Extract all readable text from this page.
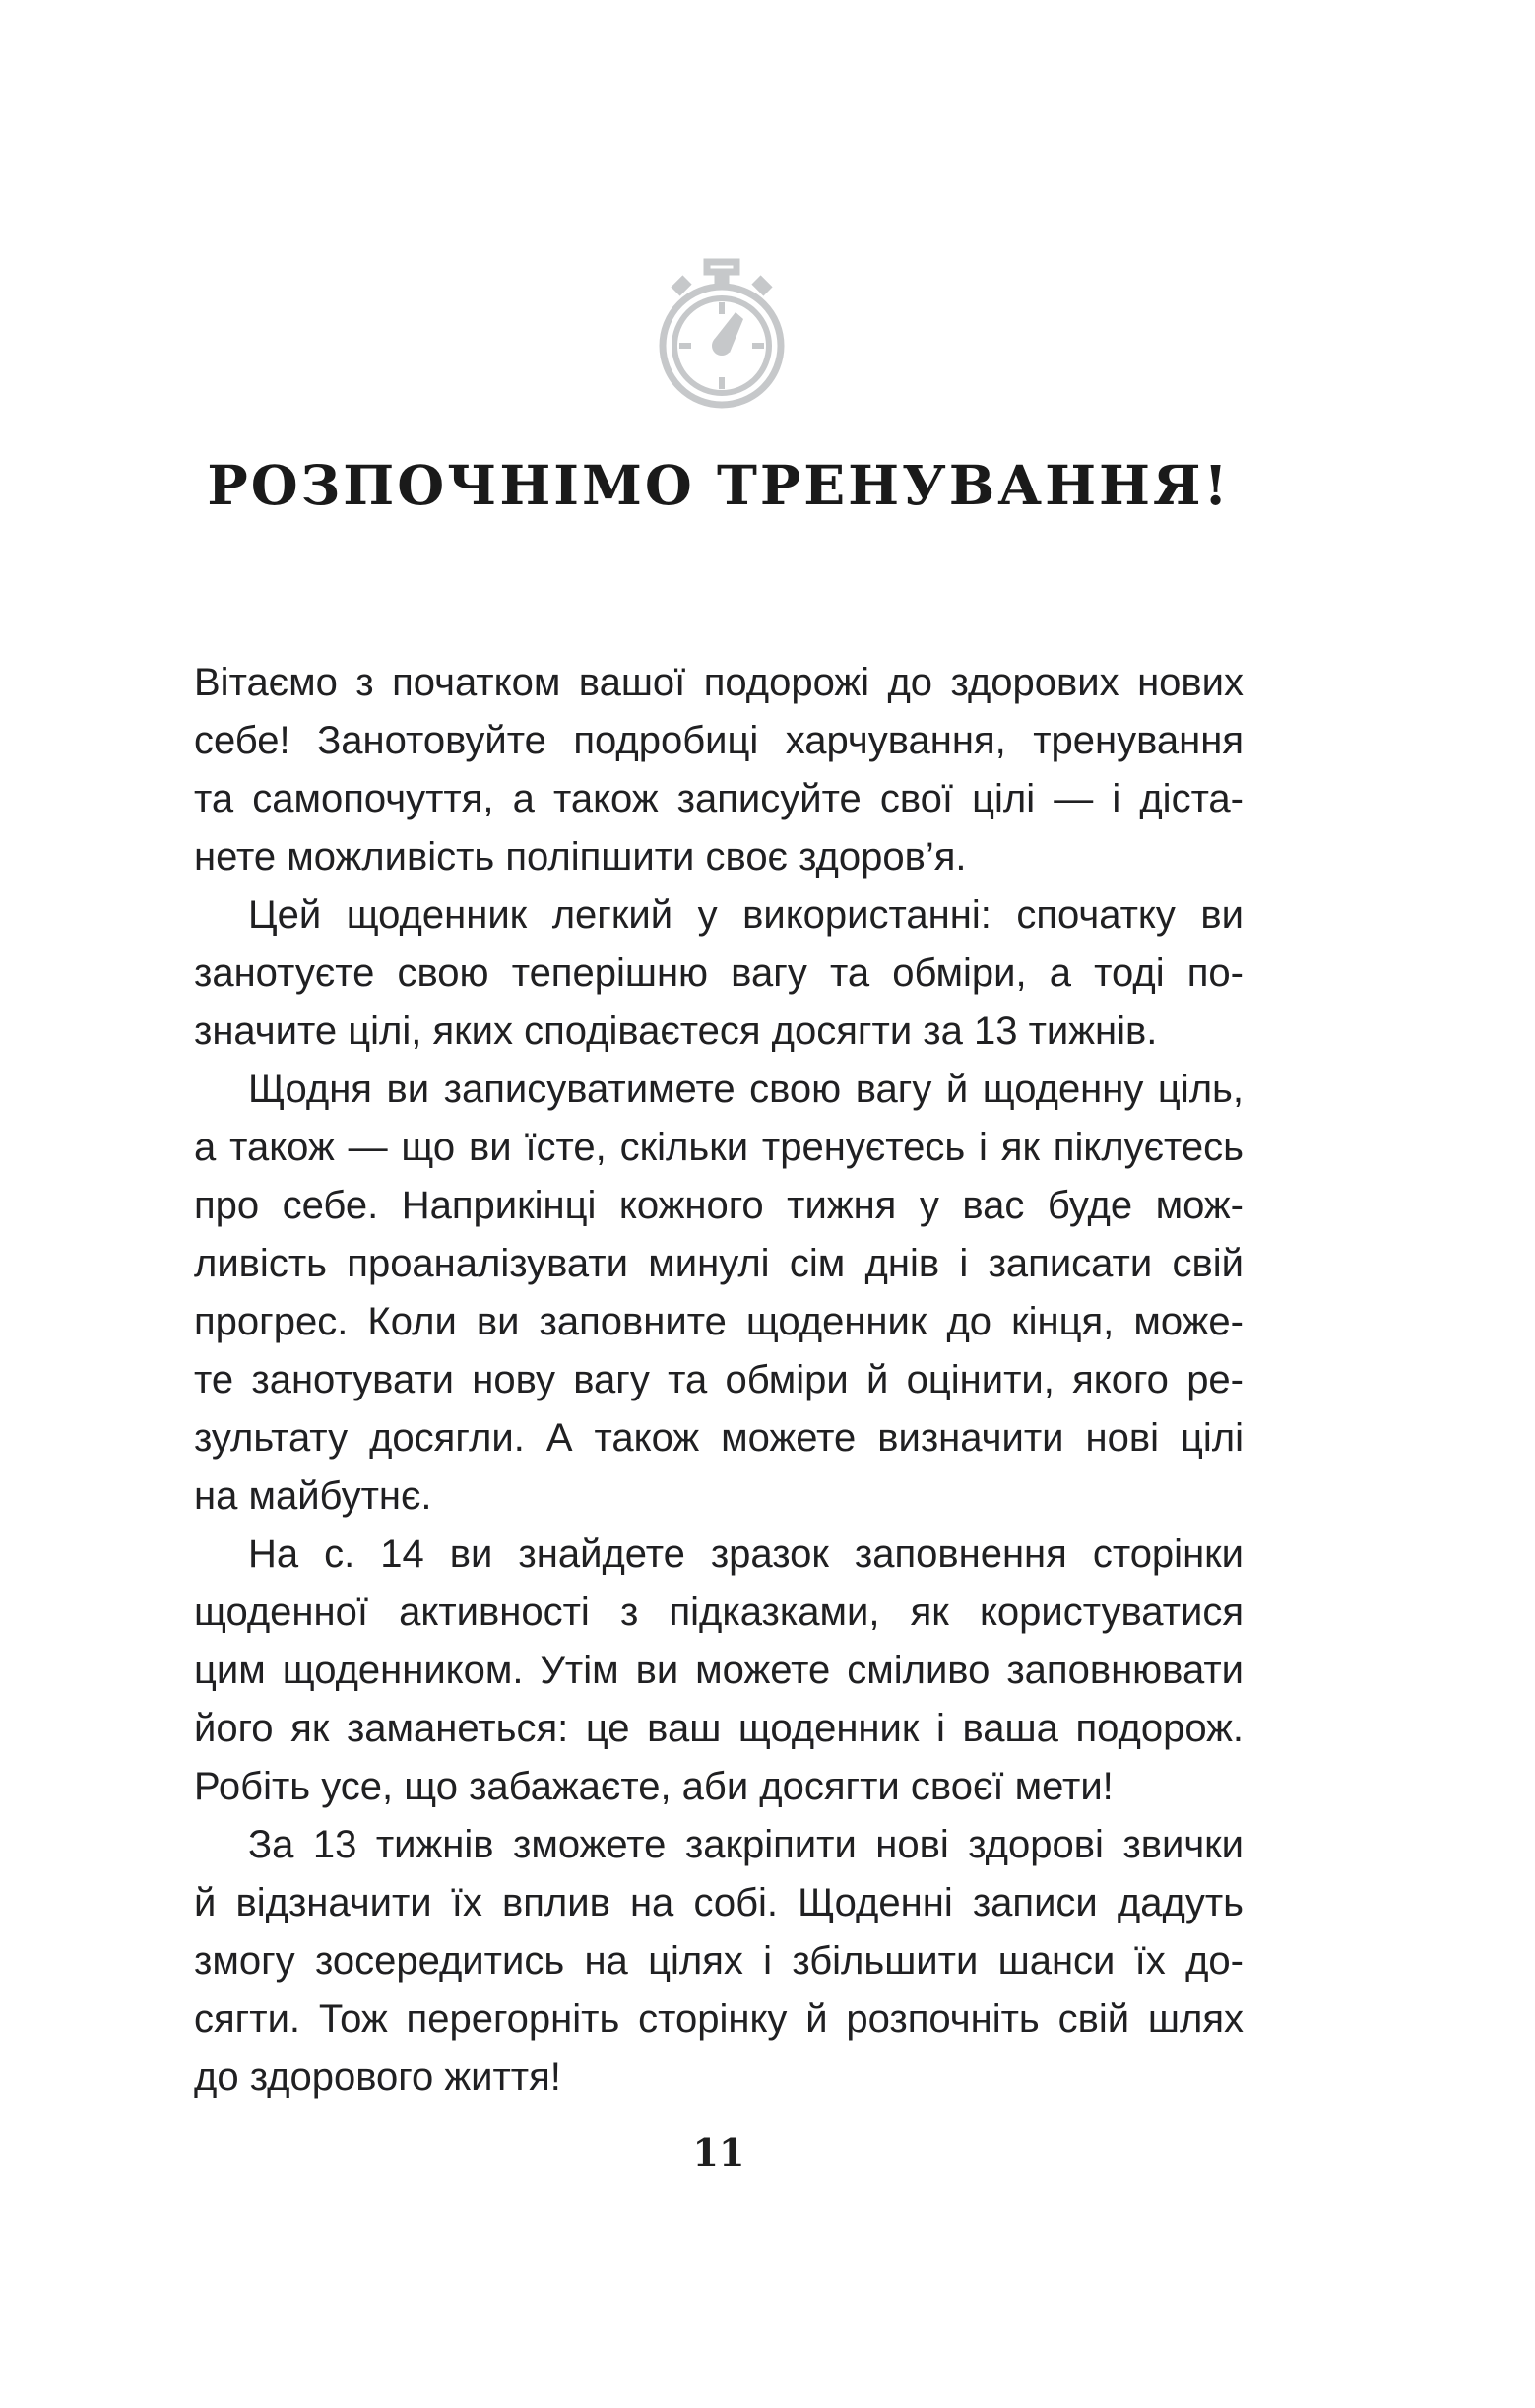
РОЗПОЧНІМО ТРЕНУВАННЯ!
Вітаємо з початком вашої подорожі до здорових нових
себе! Занотовуйте подробиці харчування, тренування
та самопочуття, а також записуйте свої цілі — і діста-
нете можливість поліпшити своє здоров’я.
Цей щоденник легкий у використанні: спочатку ви
занотуєте свою теперішню вагу та обміри, а тоді по-
значите цілі, яких сподіваєтеся досягти за 13 тижнів.
Щодня ви записуватимете свою вагу й щоденну ціль,
а також — що ви їсте, скільки тренуєтесь і як піклуєтесь
про себе. Наприкінці кожного тижня у вас буде мож-
ливість проаналізувати минулі сім днів і записати свій
прогрес. Коли ви заповните щоденник до кінця, може-
те занотувати нову вагу та обміри й оцінити, якого ре-
зультату досягли. А також можете визначити нові цілі
на майбутнє.
На с. 14 ви знайдете зразок заповнення сторінки
щоденної активності з підказками, як користуватися
цим щоденником. Утім ви можете сміливо заповнювати
його як заманеться: це ваш щоденник і ваша подорож.
Робіть усе, що забажаєте, аби досягти своєї мети!
За 13 тижнів зможете закріпити нові здорові звички
й відзначити їх вплив на собі. Щоденні записи дадуть
змогу зосередитись на цілях і збільшити шанси їх до-
сягти. Тож перегорніть сторінку й розпочніть свій шлях
до здорового життя!
11
